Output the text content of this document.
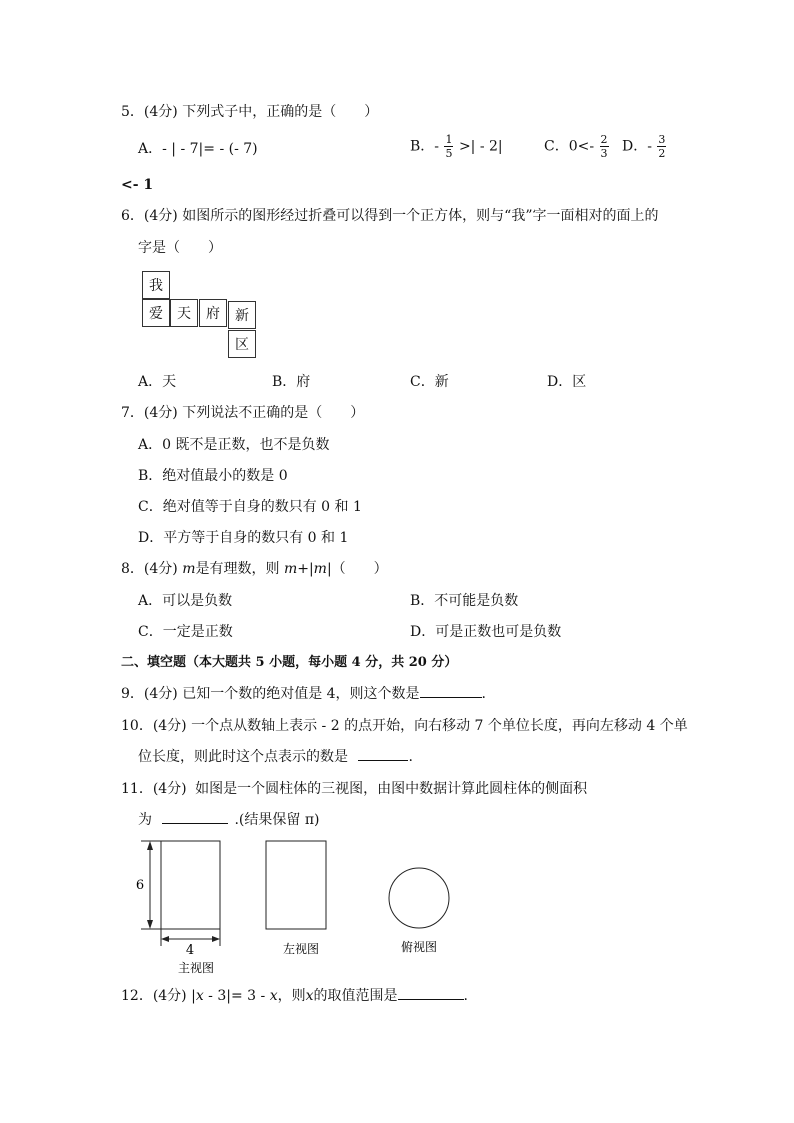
5．(4分) 下列式子中，正确的是（　　）
A．- | - 7|= - (- 7)	B．- $\frac{1}{5}$ >| - 2|	C．$0<- \frac{2}{3}$ D．- $\frac{3}{2}$
<- 1
6．(4分) 如图所示的图形经过折叠可以得到一个正方体，则与“我”字一面相对的面上的
字是（　　）
我
爱	天	府	新
区
A．天	B．府	C．新	D．区
7．(4分) 下列说法不正确的是（　　）
A．0 既不是正数，也不是负数
B．绝对值最小的数是 0
C．绝对值等于自身的数只有 0 和 1
D．平方等于自身的数只有 0 和 1
8．(4分) m是有理数，则 m+|m|（　　）
A．可以是负数	B．不可能是负数
C．一定是正数	D．可是正数也可是负数
二、填空题（本大题共 5 小题，每小题 4 分，共 20 分）
9．(4分) 已知一个数的绝对值是 4，则这个数是	.
10．(4分) 一个点从数轴上表示 - 2 的点开始，向右移动 7 个单位长度，再向左移动 4 个单
位长度，则此时这个点表示的数是	.
11．(4分) 如图是一个圆柱体的三视图，由图中数据计算此圆柱体的侧面积
为	.(结果保留 π)
6
4
主视图
左视图	俯视图
12．(4分) |x - 3|= 3 - x，则x的取值范围是	.
